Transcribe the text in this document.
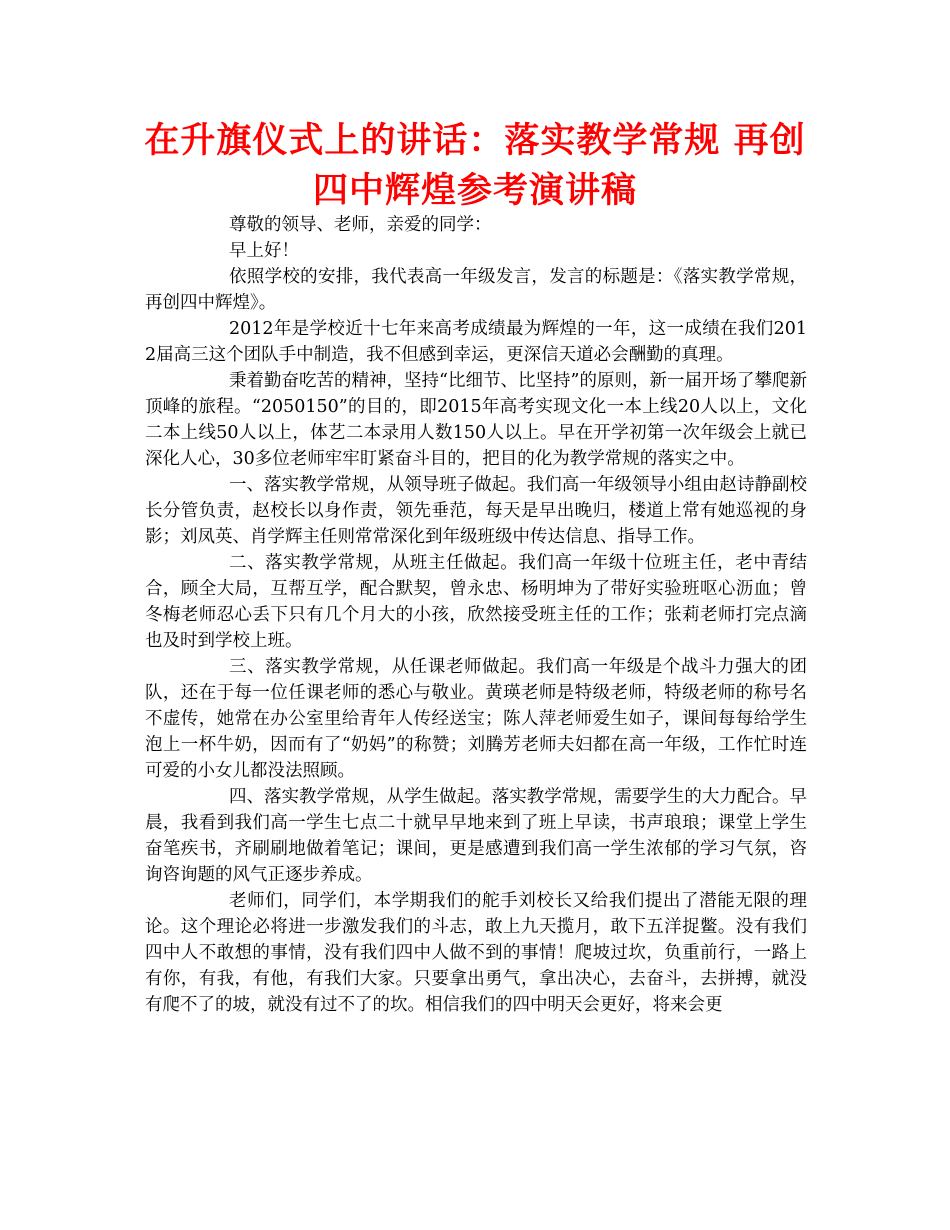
在升旗仪式上的讲话：落实教学常规 再创
四中辉煌参考演讲稿

尊敬的领导、老师，亲爱的同学：

早上好！

依照学校的安排，我代表高一年级发言，发言的标题是：《落实教学常规，再创四中辉煌》。

2012年是学校近十七年来高考成绩最为辉煌的一年，这一成绩在我们2012届高三这个团队手中制造，我不但感到幸运，更深信天道必会酬勤的真理。

秉着勤奋吃苦的精神，坚持“比细节、比坚持”的原则，新一届开场了攀爬新顶峰的旅程。“2050150”的目的，即2015年高考实现文化一本上线20人以上，文化二本上线50人以上，体艺二本录用人数150人以上。早在开学初第一次年级会上就已深化人心，30多位老师牢牢盯紧奋斗目的，把目的化为教学常规的落实之中。

一、落实教学常规，从领导班子做起。我们高一年级领导小组由赵诗静副校长分管负责，赵校长以身作责，领先垂范，每天是早出晚归，楼道上常有她巡视的身影；刘凤英、肖学辉主任则常常深化到年级班级中传达信息、指导工作。

二、落实教学常规，从班主任做起。我们高一年级十位班主任，老中青结合，顾全大局，互帮互学，配合默契，曾永忠、杨明坤为了带好实验班呕心沥血；曾冬梅老师忍心丢下只有几个月大的小孩，欣然接受班主任的工作；张莉老师打完点滴也及时到学校上班。

三、落实教学常规，从任课老师做起。我们高一年级是个战斗力强大的团队，还在于每一位任课老师的悉心与敬业。黄瑛老师是特级老师，特级老师的称号名不虚传，她常在办公室里给青年人传经送宝；陈人萍老师爱生如子，课间每每给学生泡上一杯牛奶，因而有了“奶妈”的称赞；刘腾芳老师夫妇都在高一年级，工作忙时连可爱的小女儿都没法照顾。

四、落实教学常规，从学生做起。落实教学常规，需要学生的大力配合。早晨，我看到我们高一学生七点二十就早早地来到了班上早读，书声琅琅；课堂上学生奋笔疾书，齐刷刷地做着笔记；课间，更是感遭到我们高一学生浓郁的学习气氛，咨询咨询题的风气正逐步养成。

老师们，同学们，本学期我们的舵手刘校长又给我们提出了潜能无限的理论。这个理论必将进一步激发我们的斗志，敢上九天揽月，敢下五洋捉鳖。没有我们四中人不敢想的事情，没有我们四中人做不到的事情！爬坡过坎，负重前行，一路上有你，有我，有他，有我们大家。只要拿出勇气，拿出决心，去奋斗，去拼搏，就没有爬不了的坡，就没有过不了的坎。相信我们的四中明天会更好，将来会更
